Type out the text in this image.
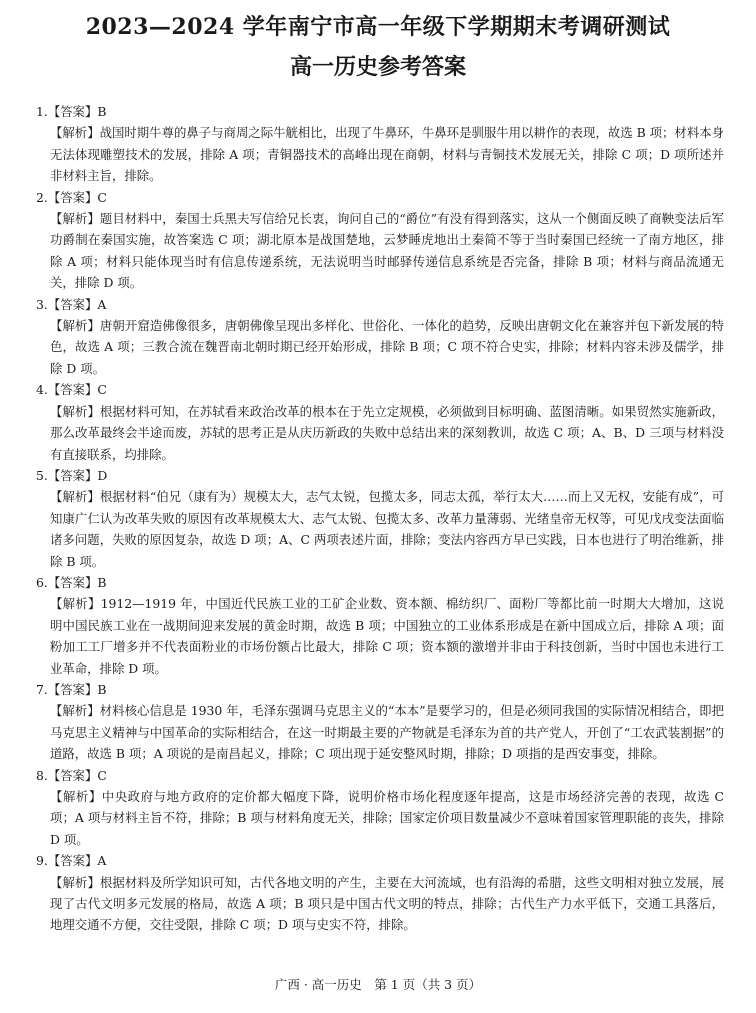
2023—2024 学年南宁市高一年级下学期期末考调研测试
高一历史参考答案

1.【答案】B

【解析】战国时期牛尊的鼻子与商周之际牛觥相比，出现了牛鼻环，牛鼻环是驯服牛用以耕作的表现，故选 B 项；材料本身无法体现雕塑技术的发展，排除 A 项；青铜器技术的高峰出现在商朝，材料与青铜技术发展无关，排除 C 项；D 项所述并非材料主旨，排除。

2.【答案】C

【解析】题目材料中，秦国士兵黑夫写信给兄长衷，询问自己的“爵位”有没有得到落实，这从一个侧面反映了商鞅变法后军功爵制在秦国实施，故答案选 C 项；湖北原本是战国楚地，云梦睡虎地出土秦简不等于当时秦国已经统一了南方地区，排除 A 项；材料只能体现当时有信息传递系统，无法说明当时邮驿传递信息系统是否完备，排除 B 项；材料与商品流通无关，排除 D 项。

3.【答案】A

【解析】唐朝开窟造佛像很多，唐朝佛像呈现出多样化、世俗化、一体化的趋势，反映出唐朝文化在兼容并包下新发展的特色，故选 A 项；三教合流在魏晋南北朝时期已经开始形成，排除 B 项；C 项不符合史实，排除；材料内容未涉及儒学，排除 D 项。

4.【答案】C

【解析】根据材料可知，在苏轼看来政治改革的根本在于先立定规模，必须做到目标明确、蓝图清晰。如果贸然实施新政，那么改革最终会半途而废，苏轼的思考正是从庆历新政的失败中总结出来的深刻教训，故选 C 项；A、B、D 三项与材料没有直接联系，均排除。

5.【答案】D

【解析】根据材料“伯兄（康有为）规模太大，志气太锐，包揽太多，同志太孤，举行太大……而上又无权，安能有成”，可知康广仁认为改革失败的原因有改革规模太大、志气太锐、包揽太多、改革力量薄弱、光绪皇帝无权等，可见戊戌变法面临诸多问题，失败的原因复杂，故选 D 项；A、C 两项表述片面，排除；变法内容西方早已实践，日本也进行了明治维新，排除 B 项。

6.【答案】B

【解析】1912—1919 年，中国近代民族工业的工矿企业数、资本额、棉纺织厂、面粉厂等都比前一时期大大增加，这说明中国民族工业在一战期间迎来发展的黄金时期，故选 B 项；中国独立的工业体系形成是在新中国成立后，排除 A 项；面粉加工工厂增多并不代表面粉业的市场份额占比最大，排除 C 项；资本额的激增并非由于科技创新，当时中国也未进行工业革命，排除 D 项。

7.【答案】B

【解析】材料核心信息是 1930 年，毛泽东强调马克思主义的“本本”是要学习的，但是必须同我国的实际情况相结合，即把马克思主义精神与中国革命的实际相结合，在这一时期最主要的产物就是毛泽东为首的共产党人，开创了“工农武装割据”的道路，故选 B 项；A 项说的是南昌起义，排除；C 项出现于延安整风时期，排除；D 项指的是西安事变，排除。

8.【答案】C

【解析】中央政府与地方政府的定价都大幅度下降，说明价格市场化程度逐年提高，这是市场经济完善的表现，故选 C 项；A 项与材料主旨不符，排除；B 项与材料角度无关，排除；国家定价项目数量减少不意味着国家管理职能的丧失，排除 D 项。

9.【答案】A

【解析】根据材料及所学知识可知，古代各地文明的产生，主要在大河流域，也有沿海的希腊，这些文明相对独立发展，展现了古代文明多元发展的格局，故选 A 项；B 项只是中国古代文明的特点，排除；古代生产力水平低下，交通工具落后，地理交通不方便，交往受限，排除 C 项；D 项与史实不符，排除。

广西 · 高一历史　第 1 页（共 3 页）
